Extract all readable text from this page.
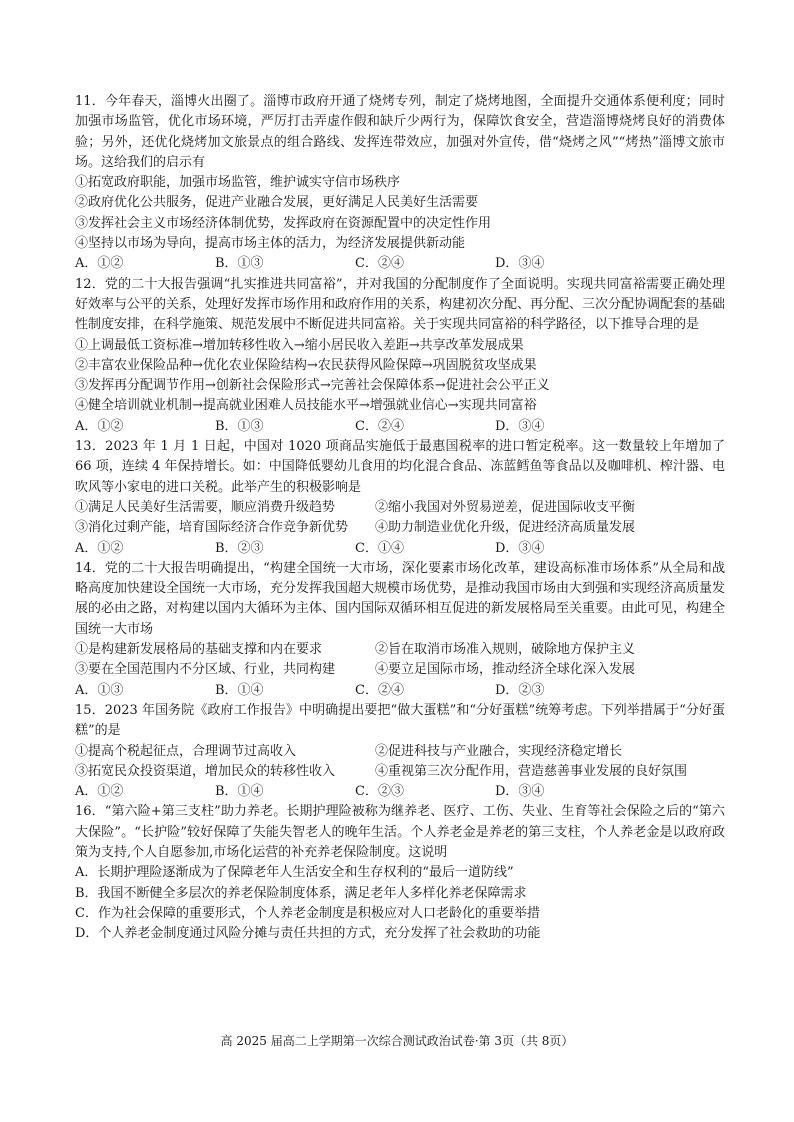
11．今年春天，淄博火出圈了。淄博市政府开通了烧烤专列，制定了烧烤地图，全面提升交通体系便利度；同时加强市场监管，优化市场环境，严厉打击弄虚作假和缺斤少两行为，保障饮食安全，营造淄博烧烤良好的消费体验；另外，还优化烧烤加文旅景点的组合路线、发挥连带效应，加强对外宣传，借“烧烤之风”“烤热”淄博文旅市场。这给我们的启示有

①拓宽政府职能，加强市场监管，维护诚实守信市场秩序

②政府优化公共服务，促进产业融合发展，更好满足人民美好生活需要

③发挥社会主义市场经济体制优势，发挥政府在资源配置中的决定性作用

④坚持以市场为导向，提高市场主体的活力，为经济发展提供新动能

A．①②	B．①③	C．②④	D．③④

12．党的二十大报告强调“扎实推进共同富裕”，并对我国的分配制度作了全面说明。实现共同富裕需要正确处理好效率与公平的关系，处理好发挥市场作用和政府作用的关系，构建初次分配、再分配、三次分配协调配套的基础性制度安排，在科学施策、规范发展中不断促进共同富裕。关于实现共同富裕的科学路径，以下推导合理的是

①上调最低工资标准→增加转移性收入→缩小居民收入差距→共享改革发展成果

②丰富农业保险品种→优化农业保险结构→农民获得风险保障→巩固脱贫攻坚成果

③发挥再分配调节作用→创新社会保险形式→完善社会保障体系→促进社会公平正义

④健全培训就业机制→提高就业困难人员技能水平→增强就业信心→实现共同富裕

A．①②	B．①③	C．②④	D．③④

13．2023 年 1 月 1 日起，中国对 1020 项商品实施低于最惠国税率的进口暂定税率。这一数量较上年增加了 66 项，连续 4 年保持增长。如：中国降低婴幼儿食用的均化混合食品、冻蓝鳕鱼等食品以及咖啡机、榨汁器、电吹风等小家电的进口关税。此举产生的积极影响是

①满足人民美好生活需要，顺应消费升级趋势	②缩小我国对外贸易逆差，促进国际收支平衡
③消化过剩产能，培育国际经济合作竞争新优势	④助力制造业优化升级，促进经济高质量发展
A．①②	B．②③	C．①④	D．③④

14．党的二十大报告明确提出，“构建全国统一大市场，深化要素市场化改革，建设高标准市场体系”从全局和战略高度加快建设全国统一大市场，充分发挥我国超大规模市场优势，是推动我国市场由大到强和实现经济高质量发展的必由之路，对构建以国内大循环为主体、国内国际双循环相互促进的新发展格局至关重要。由此可见，构建全国统一大市场

①是构建新发展格局的基础支撑和内在要求	②旨在取消市场准入规则，破除地方保护主义
③要在全国范围内不分区域、行业，共同构建	④要立足国际市场，推动经济全球化深入发展
A．①③	B．①④	C．②④	D．②③

15．2023 年国务院《政府工作报告》中明确提出要把“做大蛋糕”和“分好蛋糕”统筹考虑。下列举措属于“分好蛋糕”的是

①提高个税起征点，合理调节过高收入	②促进科技与产业融合，实现经济稳定增长
③拓宽民众投资渠道，增加民众的转移性收入	④重视第三次分配作用，营造慈善事业发展的良好氛围
A．①②	B．①④	C．②③	D．③④

16．“第六险+第三支柱”助力养老。长期护理险被称为继养老、医疗、工伤、失业、生育等社会保险之后的“第六大保险”。“长护险”较好保障了失能失智老人的晚年生活。个人养老金是养老的第三支柱，个人养老金是以政府政策为支持,个人自愿参加,市场化运营的补充养老保险制度。这说明

A．长期护理险逐渐成为了保障老年人生活安全和生存权利的“最后一道防线”

B．我国不断健全多层次的养老保险制度体系，满足老年人多样化养老保障需求

C．作为社会保障的重要形式，个人养老金制度是积极应对人口老龄化的重要举措

D．个人养老金制度通过风险分摊与责任共担的方式，充分发挥了社会救助的功能

高 2025 届高二上学期第一次综合测试政治试卷·第 3页（共 8页）
